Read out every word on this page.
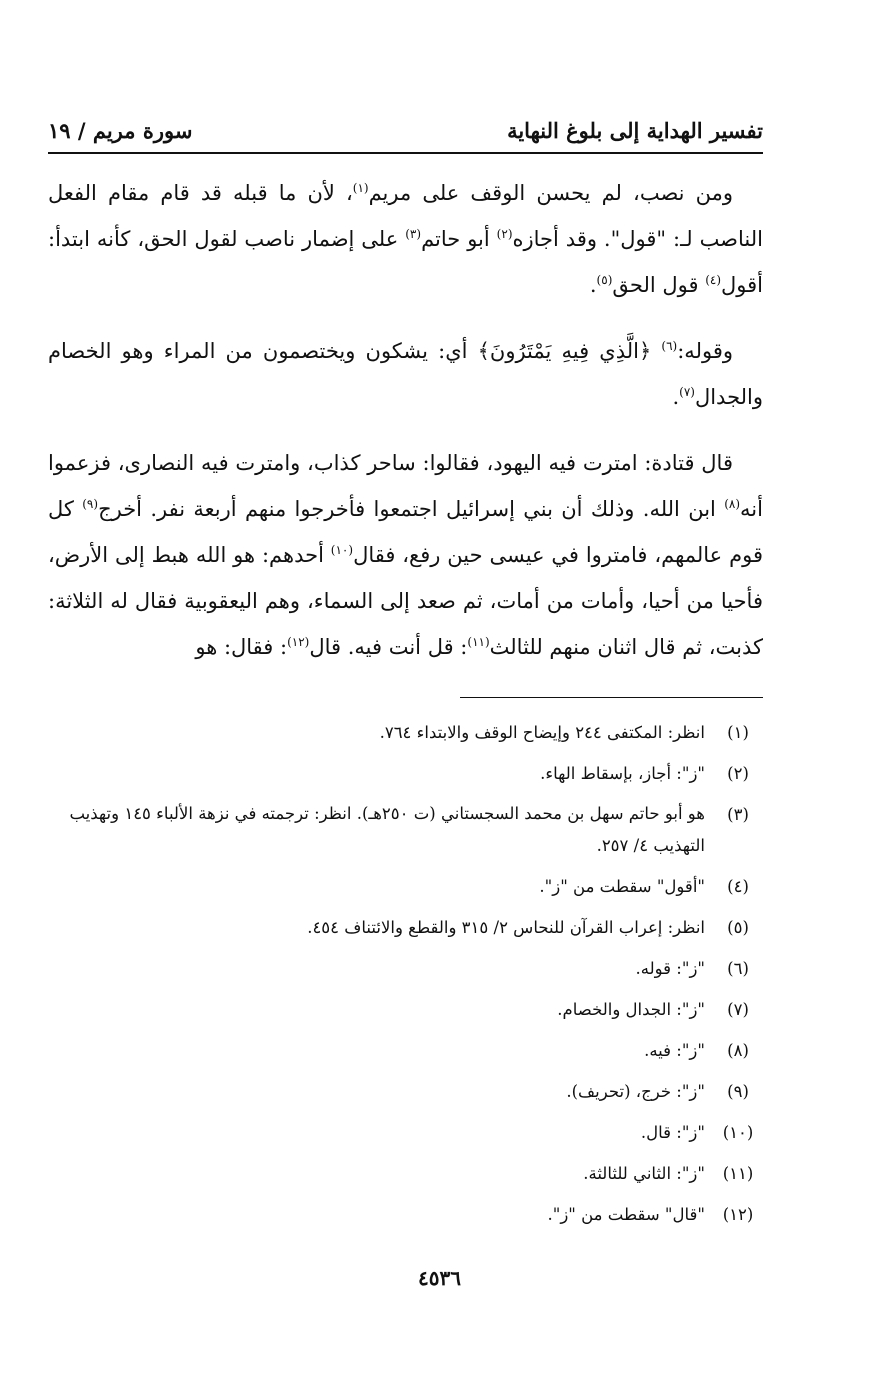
تفسير الهداية إلى بلوغ النهاية
سورة مريم / ١٩

ومن نصب، لم يحسن الوقف على مريم$^{(١)}$، لأن ما قبله قد قام مقام الفعل الناصب لـ: "قول". وقد أجازه$^{(٢)}$ أبو حاتم$^{(٣)}$ على إضمار ناصب لقول الحق، كأنه ابتدأ: أقول$^{(٤)}$ قول الحق$^{(٥)}$.

وقوله:$^{(٦)}$ ﴿الَّذِي فِيهِ يَمْتَرُونَ﴾ أي: يشكون ويختصمون من المراء وهو الخصام والجدال$^{(٧)}$.

قال قتادة: امترت فيه اليهود، فقالوا: ساحر كذاب، وامترت فيه النصارى، فزعموا أنه$^{(٨)}$ ابن الله. وذلك أن بني إسرائيل اجتمعوا فأخرجوا منهم أربعة نفر. أخرج$^{(٩)}$ كل قوم عالمهم، فامتروا في عيسى حين رفع، فقال$^{(١٠)}$ أحدهم: هو الله هبط إلى الأرض، فأحيا من أحيا، وأمات من أمات، ثم صعد إلى السماء، وهم اليعقوبية فقال له الثلاثة: كذبت، ثم قال اثنان منهم للثالث$^{(١١)}$: قل أنت فيه. قال$^{(١٢)}$: فقال: هو

(١)
انظر: المكتفى ٢٤٤ وإيضاح الوقف والابتداء ٧٦٤.
(٢)
"ز": أجاز، بإسقاط الهاء.
(٣)
هو أبو حاتم سهل بن محمد السجستاني (ت ٢٥٠هـ). انظر: ترجمته في نزهة الألباء ١٤٥ وتهذيب التهذيب ٤/ ٢٥٧.
(٤)
"أقول" سقطت من "ز".
(٥)
انظر: إعراب القرآن للنحاس ٢/ ٣١٥ والقطع والائتناف ٤٥٤.
(٦)
"ز": قوله.
(٧)
"ز": الجدال والخصام.
(٨)
"ز": فيه.
(٩)
"ز": خرج، (تحريف).
(١٠)
"ز": قال.
(١١)
"ز": الثاني للثالثة.
(١٢)
"قال" سقطت من "ز".
٤٥٣٦
